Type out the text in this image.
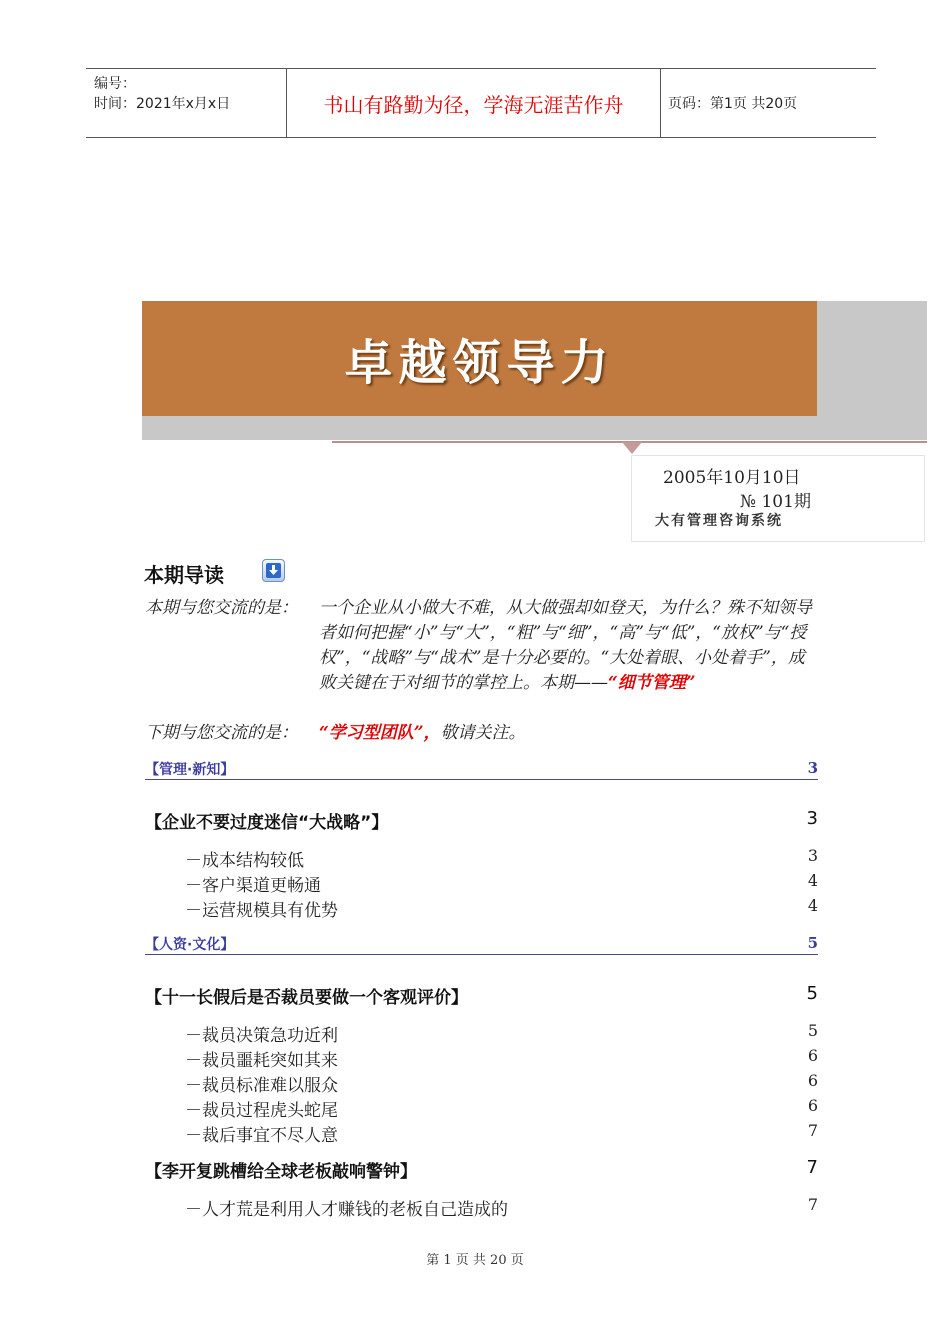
编号：
时间：2021年x月x日	书山有路勤为径，学海无涯苦作舟	页码：第1页 共20页
卓越领导力
2005年10月10日
№ 101期
大有管理咨询系统
本期导读
本期与您交流的是：	一个企业从小做大不难，从大做强却如登天，为什么？殊不知领导者如何把握“小”与“大”，“粗”与“细”，“高”与“低”，“放权”与“授权”，“战略”与“战术”是十分必要的。“大处着眼、小处着手”，成败关键在于对细节的掌控上。本期——“细节管理”
下期与您交流的是：	“学习型团队”，敬请关注。
【管理·新知】	3
【企业不要过度迷信“大战略”】	3
－成本结构较低	3
－客户渠道更畅通	4
－运营规模具有优势	4
【人资·文化】	5
【十一长假后是否裁员要做一个客观评价】	5
－裁员决策急功近利	5
－裁员噩耗突如其来	6
－裁员标准难以服众	6
－裁员过程虎头蛇尾	6
－裁后事宜不尽人意	7
【李开复跳槽给全球老板敲响警钟】	7
－人才荒是利用人才赚钱的老板自己造成的	7
第 1 页 共 20 页
